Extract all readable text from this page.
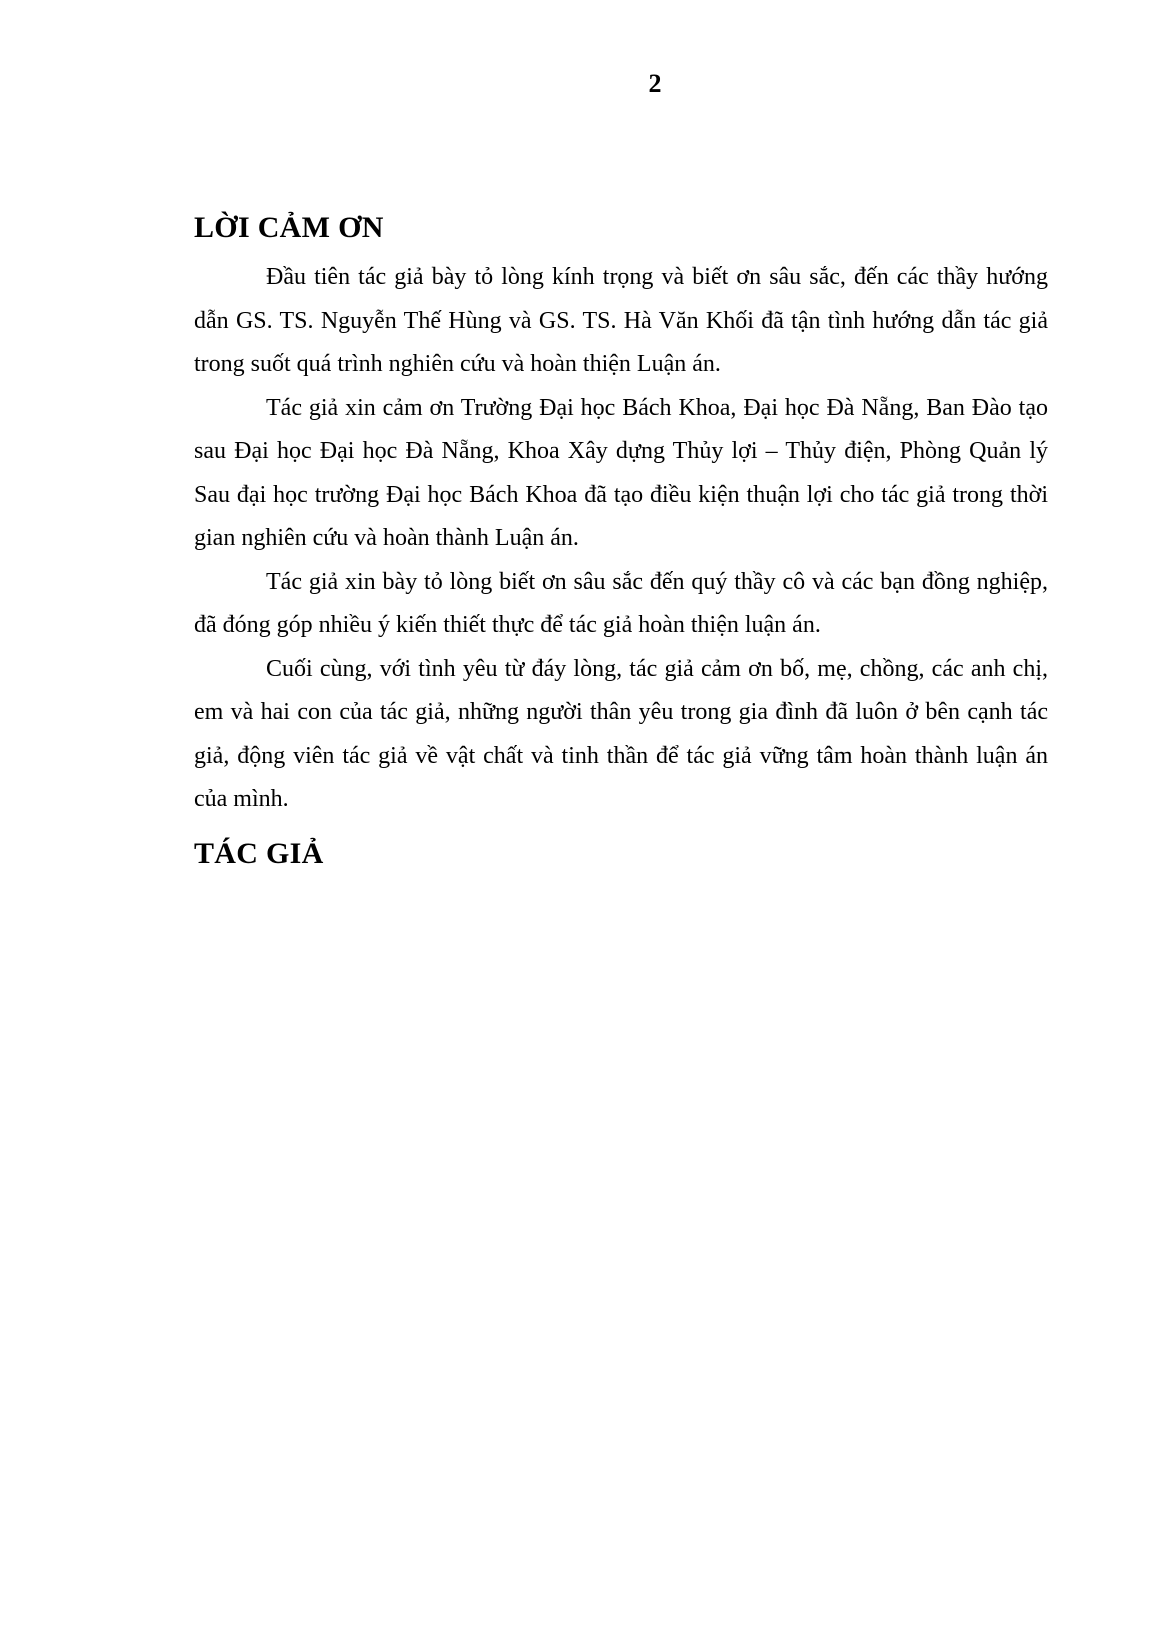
2
LỜI CẢM ƠN

Đầu tiên tác giả bày tỏ lòng kính trọng và biết ơn sâu sắc, đến các thầy hướng dẫn GS. TS. Nguyễn Thế Hùng và GS. TS. Hà Văn Khối đã tận tình hướng dẫn tác giả trong suốt quá trình nghiên cứu và hoàn thiện Luận án.

Tác giả xin cảm ơn Trường Đại học Bách Khoa, Đại học Đà Nẵng, Ban Đào tạo sau Đại học Đại học Đà Nẵng, Khoa Xây dựng Thủy lợi – Thủy điện, Phòng Quản lý Sau đại học trường Đại học Bách Khoa đã tạo điều kiện thuận lợi cho tác giả trong thời gian nghiên cứu và hoàn thành Luận án.

Tác giả xin bày tỏ lòng biết ơn sâu sắc đến quý thầy cô và các bạn đồng nghiệp, đã đóng góp nhiều ý kiến thiết thực để tác giả hoàn thiện luận án.

Cuối cùng, với tình yêu từ đáy lòng, tác giả cảm ơn bố, mẹ, chồng, các anh chị, em và hai con của tác giả, những người thân yêu trong gia đình đã luôn ở bên cạnh tác giả, động viên tác giả về vật chất và tinh thần để tác giả vững tâm hoàn thành luận án của mình.

TÁC GIẢ
